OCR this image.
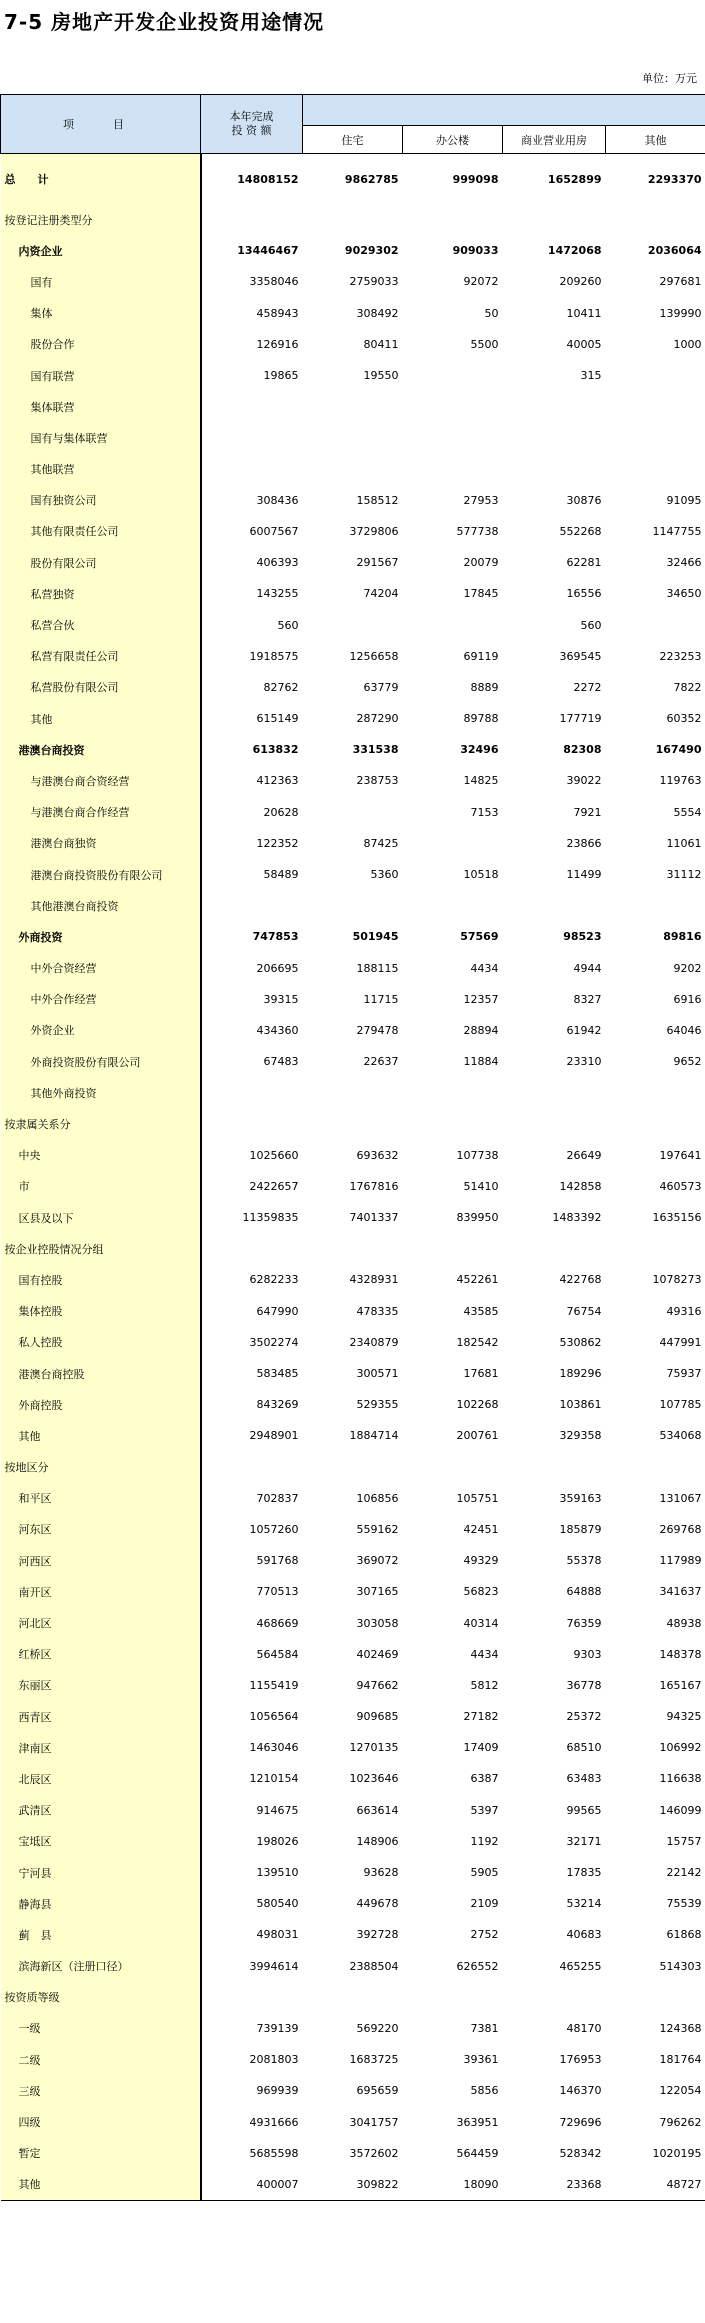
7-5 房地产开发企业投资用途情况
单位：万元
项　目	本年完成
投 资 额				
		住宅	办公楼	商业营业用房	其他
总　　计	14808152	9862785	999098	1652899	2293370
按登记注册类型分					
内资企业	13446467	9029302	909033	1472068	2036064
国有	3358046	2759033	92072	209260	297681
集体	458943	308492	50	10411	139990
股份合作	126916	80411	5500	40005	1000
国有联营	19865	19550		315	
集体联营					
国有与集体联营					
其他联营					
国有独资公司	308436	158512	27953	30876	91095
其他有限责任公司	6007567	3729806	577738	552268	1147755
股份有限公司	406393	291567	20079	62281	32466
私营独资	143255	74204	17845	16556	34650
私营合伙	560			560	
私营有限责任公司	1918575	1256658	69119	369545	223253
私营股份有限公司	82762	63779	8889	2272	7822
其他	615149	287290	89788	177719	60352
港澳台商投资	613832	331538	32496	82308	167490
与港澳台商合资经营	412363	238753	14825	39022	119763
与港澳台商合作经营	20628		7153	7921	5554
港澳台商独资	122352	87425		23866	11061
港澳台商投资股份有限公司	58489	5360	10518	11499	31112
其他港澳台商投资					
外商投资	747853	501945	57569	98523	89816
中外合资经营	206695	188115	4434	4944	9202
中外合作经营	39315	11715	12357	8327	6916
外资企业	434360	279478	28894	61942	64046
外商投资股份有限公司	67483	22637	11884	23310	9652
其他外商投资					
按隶属关系分					
中央	1025660	693632	107738	26649	197641
市	2422657	1767816	51410	142858	460573
区县及以下	11359835	7401337	839950	1483392	1635156
按企业控股情况分组					
国有控股	6282233	4328931	452261	422768	1078273
集体控股	647990	478335	43585	76754	49316
私人控股	3502274	2340879	182542	530862	447991
港澳台商控股	583485	300571	17681	189296	75937
外商控股	843269	529355	102268	103861	107785
其他	2948901	1884714	200761	329358	534068
按地区分					
和平区	702837	106856	105751	359163	131067
河东区	1057260	559162	42451	185879	269768
河西区	591768	369072	49329	55378	117989
南开区	770513	307165	56823	64888	341637
河北区	468669	303058	40314	76359	48938
红桥区	564584	402469	4434	9303	148378
东丽区	1155419	947662	5812	36778	165167
西青区	1056564	909685	27182	25372	94325
津南区	1463046	1270135	17409	68510	106992
北辰区	1210154	1023646	6387	63483	116638
武清区	914675	663614	5397	99565	146099
宝坻区	198026	148906	1192	32171	15757
宁河县	139510	93628	5905	17835	22142
静海县	580540	449678	2109	53214	75539
蓟　县	498031	392728	2752	40683	61868
滨海新区（注册口径）	3994614	2388504	626552	465255	514303
按资质等级					
一级	739139	569220	7381	48170	124368
二级	2081803	1683725	39361	176953	181764
三级	969939	695659	5856	146370	122054
四级	4931666	3041757	363951	729696	796262
暂定	5685598	3572602	564459	528342	1020195
其他	400007	309822	18090	23368	48727
